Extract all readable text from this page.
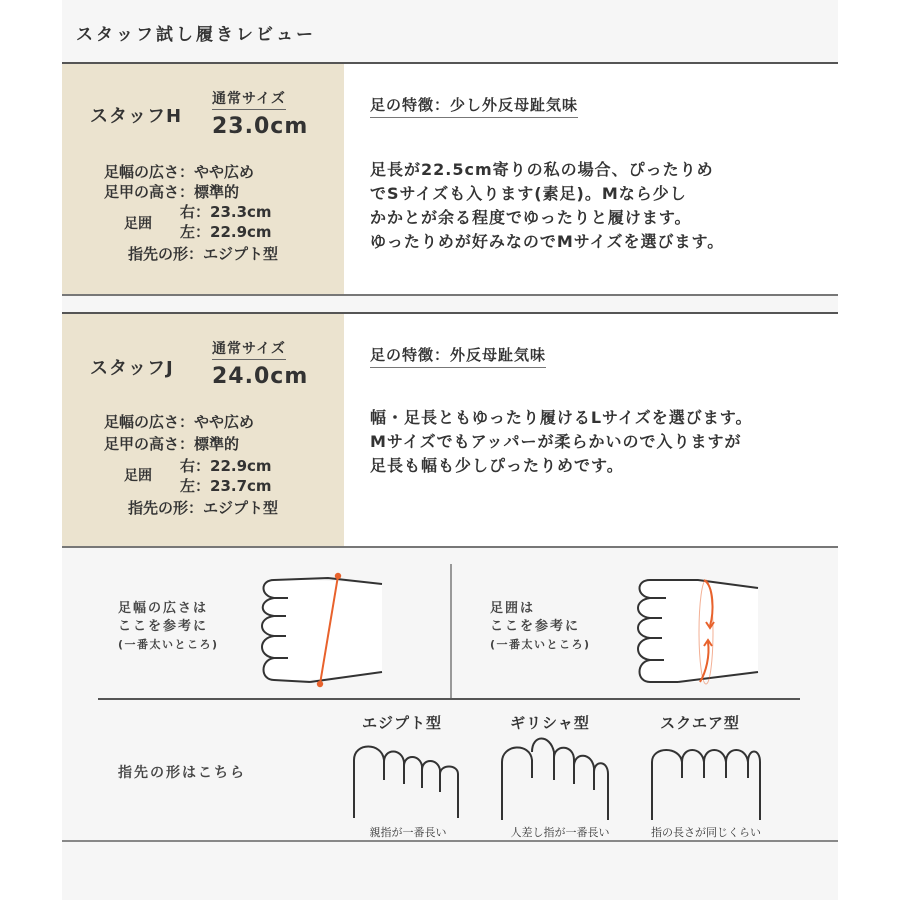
スタッフ試し履きレビュー
スタッフH
通常サイズ
23.0cm
足幅の広さ：やや広め
足甲の高さ：標準的
足囲
右：23.3cm
左：22.9cm
指先の形：エジプト型
足の特徴：少し外反母趾気味
足長が22.5cm寄りの私の場合、ぴったりめ
でSサイズも入ります(素足)。Mなら少し
かかとが余る程度でゆったりと履けます。
ゆったりめが好みなのでMサイズを選びます。
スタッフJ
通常サイズ
24.0cm
足幅の広さ：やや広め
足甲の高さ：標準的
足囲
右：22.9cm
左：23.7cm
指先の形：エジプト型
足の特徴：外反母趾気味
幅・足長ともゆったり履けるLサイズを選びます。
Mサイズでもアッパーが柔らかいので入りますが
足長も幅も少しぴったりめです。
足幅の広さは
ここを参考に
(一番太いところ)
足囲は
ここを参考に
(一番太いところ)
指先の形はこちら
エジプト型
親指が一番長い
ギリシャ型
人差し指が一番長い
スクエア型
指の長さが同じくらい
